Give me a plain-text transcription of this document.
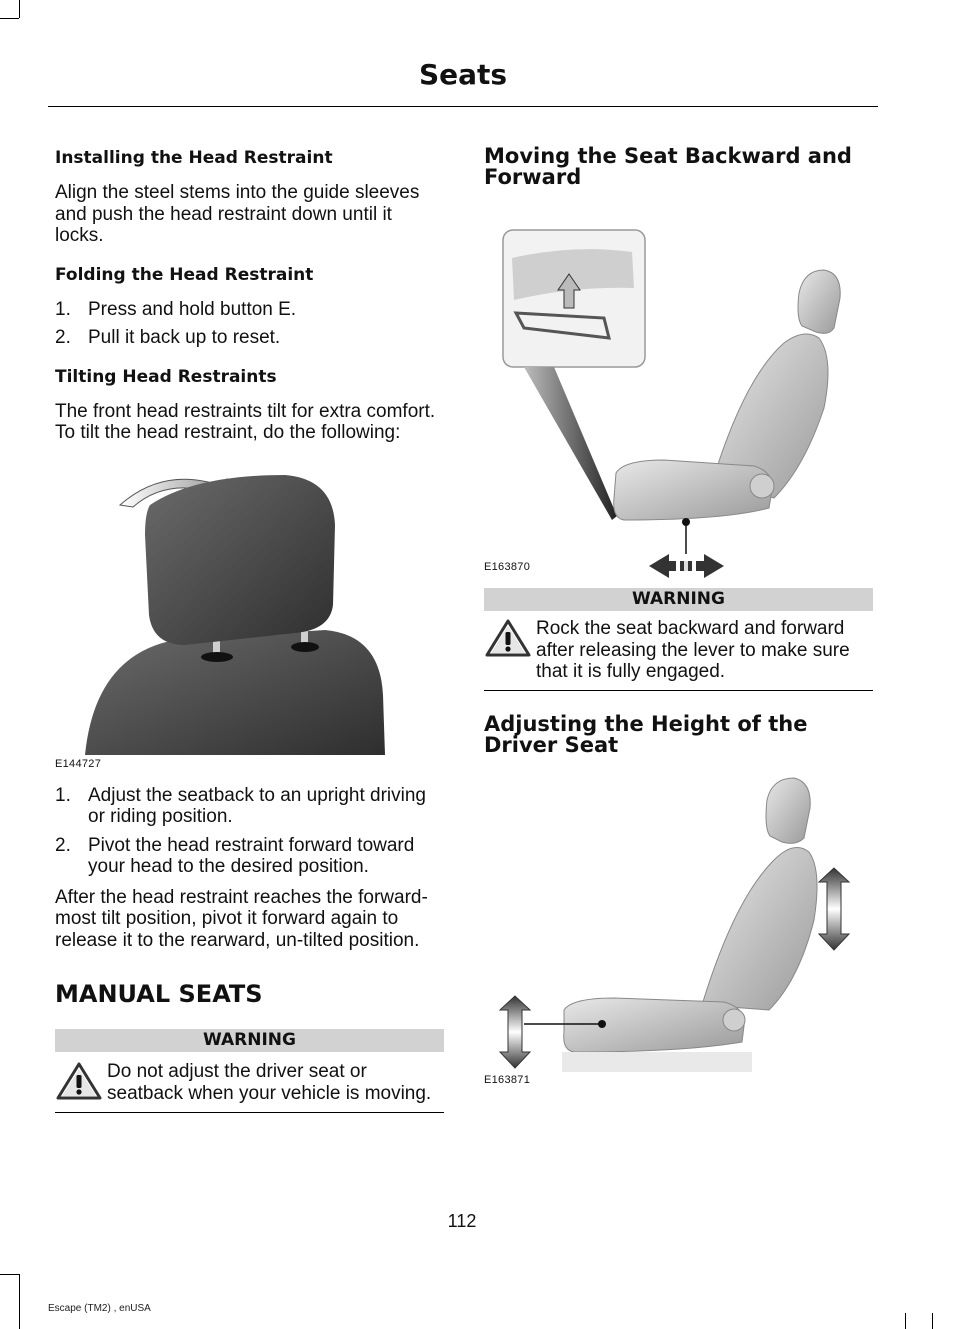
Seats
Installing the Head Restraint
Align the steel stems into the guide sleeves and push the head restraint down until it locks.
Folding the Head Restraint
1. Press and hold button E.
2. Pull it back up to reset.
Tilting Head Restraints
The front head restraints tilt for extra comfort. To tilt the head restraint, do the following:
E144727
1. Adjust the seatback to an upright driving or riding position.
2. Pivot the head restraint forward toward your head to the desired position.
After the head restraint reaches the forward-most tilt position, pivot it forward again to release it to the rearward, un-tilted position.
MANUAL SEATS
WARNING
Do not adjust the driver seat or seatback when your vehicle is moving.
Moving the Seat Backward and Forward
E163870
WARNING
Rock the seat backward and forward after releasing the lever to make sure that it is fully engaged.
Adjusting the Height of the Driver Seat
E163871
112
Escape (TM2) , enUSA
